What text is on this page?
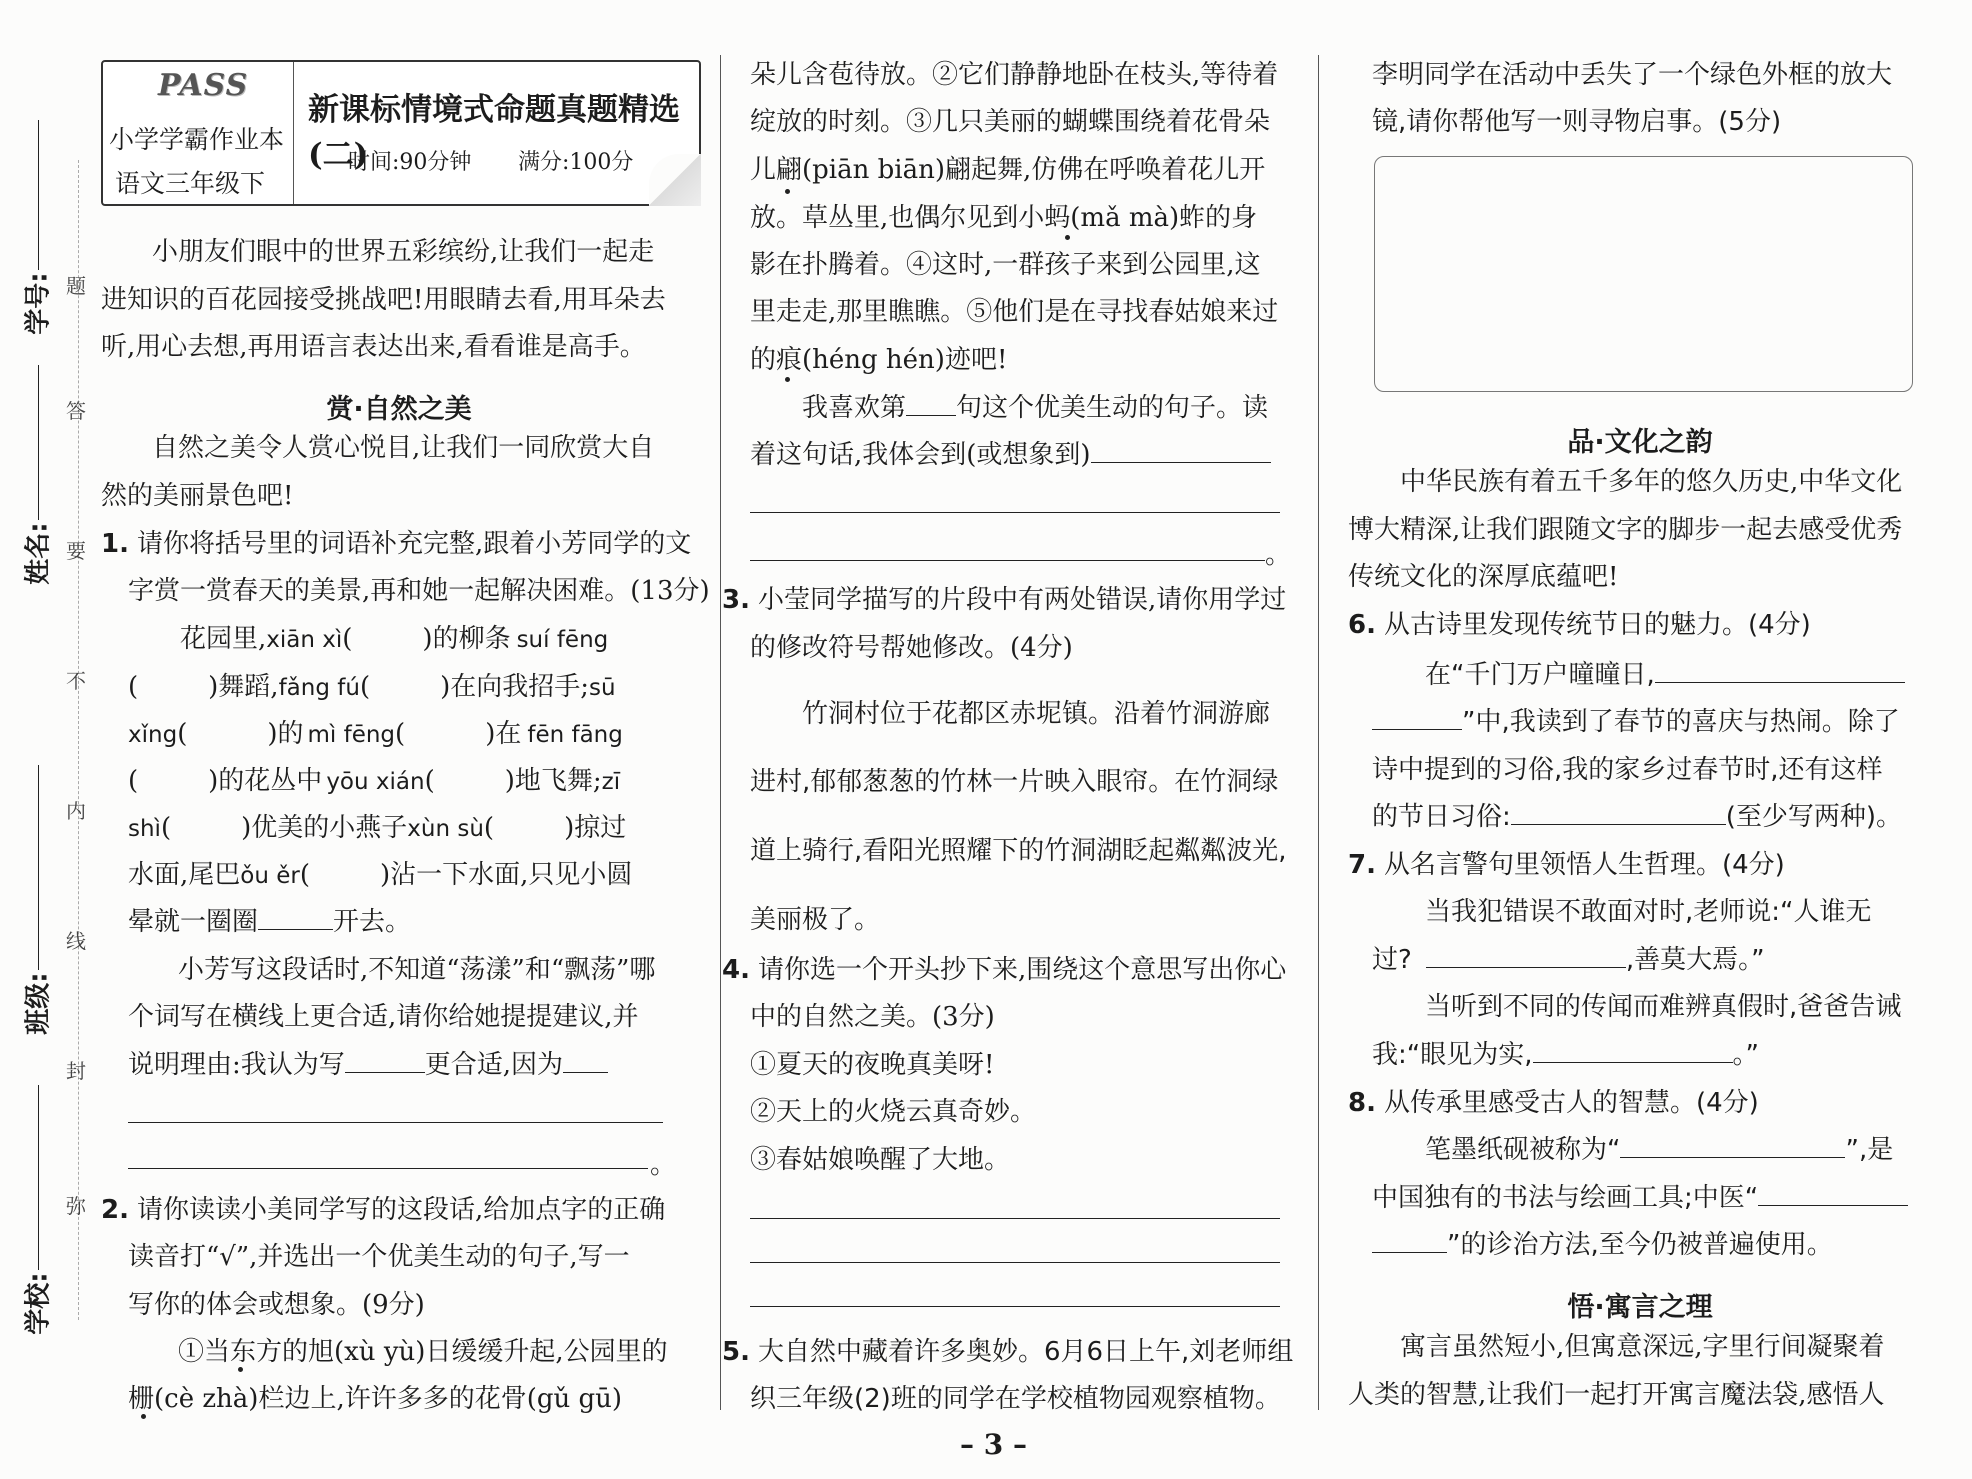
学号:
姓名:
班级:
学校:
题
答
要
不
内
线
封
弥
PASS
小学学霸作业本
语文三年级下
新课标情境式命题真题精选(二)
时间:90分钟 满分:100分
小朋友们眼中的世界五彩缤纷,让我们一起走
进知识的百花园接受挑战吧!用眼睛去看,用耳朵去
听,用心去想,再用语言表达出来,看看谁是高手。
赏·自然之美
自然之美令人赏心悦目,让我们一同欣赏大自
然的美丽景色吧!
1. 请你将括号里的词语补充完整,跟着小芳同学的文
字赏一赏春天的美景,再和她一起解决困难。(13分)
花园里,xiān xì(	)的柳条 suí fēng
(	)舞蹈,fǎng fú(	)在向我招手;sū
xǐng(	)的 mì fēng(	)在 fēn fāng
(	)的花丛中 yōu xián(	)地飞舞;zī
shì(	)优美的小燕子xùn sù(	)掠过
水面,尾巴ǒu ěr(	)沾一下水面,只见小圆
晕就一圈圈	开去。
小芳写这段话时,不知道“荡漾”和“飘荡”哪
个词写在横线上更合适,请你给她提提建议,并
说明理由:我认为写	更合适,因为
。
2. 请你读读小美同学写的这段话,给加点字的正确
读音打“√”,并选出一个优美生动的句子,写一
写你的体会或想象。(9分)
①当东方的旭(xù yù)日缓缓升起,公园里的
栅(cè zhà)栏边上,许许多多的花骨(gǔ gū)
朵儿含苞待放。②它们静静地卧在枝头,等待着
绽放的时刻。③几只美丽的蝴蝶围绕着花骨朵
儿翩(piān biān)翩起舞,仿佛在呼唤着花儿开
放。草丛里,也偶尔见到小蚂(mǎ mà)蚱的身
影在扑腾着。④这时,一群孩子来到公园里,这
里走走,那里瞧瞧。⑤他们是在寻找春姑娘来过
的痕(héng hén)迹吧!
我喜欢第 句这个优美生动的句子。读
着这句话,我体会到(或想象到)
。
3. 小莹同学描写的片段中有两处错误,请你用学过
的修改符号帮她修改。(4分)
竹洞村位于花都区赤坭镇。沿着竹洞游廊
进村,郁郁葱葱的竹林一片映入眼帘。在竹洞绿
道上骑行,看阳光照耀下的竹洞湖眨起粼粼波光,
美丽极了。
4. 请你选一个开头抄下来,围绕这个意思写出你心
中的自然之美。(3分)
①夏天的夜晚真美呀!
②天上的火烧云真奇妙。
③春姑娘唤醒了大地。
5. 大自然中藏着许多奥妙。6月6日上午,刘老师组
织三年级(2)班的同学在学校植物园观察植物。
李明同学在活动中丢失了一个绿色外框的放大
镜,请你帮他写一则寻物启事。(5分)
品·文化之韵
中华民族有着五千多年的悠久历史,中华文化
博大精深,让我们跟随文字的脚步一起去感受优秀
传统文化的深厚底蕴吧!
6. 从古诗里发现传统节日的魅力。(4分)
在“千门万户曈曈日,
”中,我读到了春节的喜庆与热闹。除了
诗中提到的习俗,我的家乡过春节时,还有这样
的节日习俗:	(至少写两种)。
7. 从名言警句里领悟人生哲理。(4分)
当我犯错误不敢面对时,老师说:“人谁无
过?	,善莫大焉。”
当听到不同的传闻而难辨真假时,爸爸告诫
我:“眼见为实,	。”
8. 从传承里感受古人的智慧。(4分)
笔墨纸砚被称为“	”,是
中国独有的书法与绘画工具;中医“
”的诊治方法,至今仍被普遍使用。
悟·寓言之理
寓言虽然短小,但寓意深远,字里行间凝聚着
人类的智慧,让我们一起打开寓言魔法袋,感悟人
– 3 –
